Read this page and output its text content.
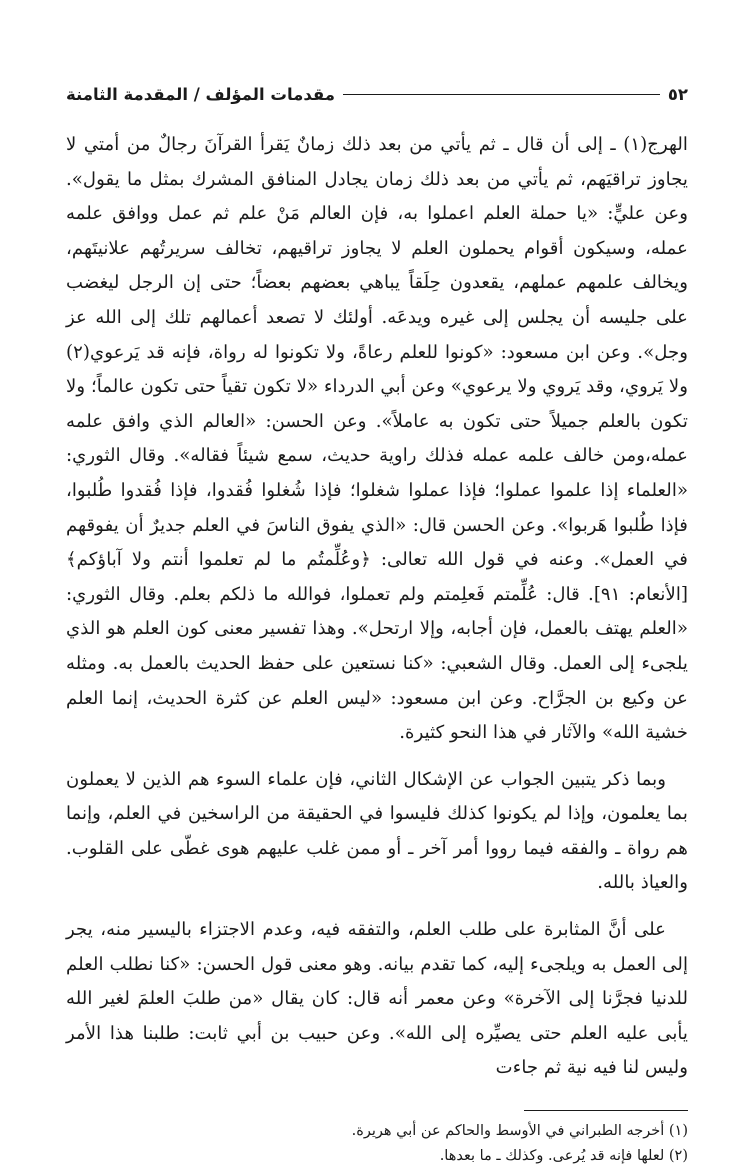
٥٢
مقدمات المؤلف / المقدمة الثامنة

الهرج(١) ـ إلى أن قال ـ ثم يأتي من بعد ذلك زمانٌ يَقرأ القرآنَ رجالٌ من أمتي لا يجاوز تراقيَهم، ثم يأتي من بعد ذلك زمان يجادل المنافق المشرك بمثل ما يقول». وعن عليٍّ: «يا حملة العلم اعملوا به، فإن العالم مَنْ علم ثم عمل ووافق علمه عمله، وسيكون أقوام يحملون العلم لا يجاوز تراقيهم، تخالف سريرتُهم علانيتَهم، ويخالف علمهم عملهم، يقعدون حِلَقاً يباهي بعضهم بعضاً؛ حتى إن الرجل ليغضب على جليسه أن يجلس إلى غيره ويدعَه. أولئك لا تصعد أعمالهم تلك إلى الله عز وجل». وعن ابن مسعود: «كونوا للعلم رعاةً، ولا تكونوا له رواة، فإنه قد يَرعوي(٢) ولا يَروي، وقد يَروي ولا يرعوي» وعن أبي الدرداء «لا تكون تقياً حتى تكون عالماً؛ ولا تكون بالعلم جميلاً حتى تكون به عاملاً». وعن الحسن: «العالم الذي وافق علمه عمله،ومن خالف علمه عمله فذلك راوية حديث، سمع شيئاً فقاله». وقال الثوري: «العلماء إذا علموا عملوا؛ فإذا عملوا شغلوا؛ فإذا شُغلوا فُقدوا، فإذا فُقدوا طُلبوا، فإذا طُلبوا هَربوا». وعن الحسن قال: «الذي يفوق الناسَ في العلم جديرٌ أن يفوقهم في العمل». وعنه في قول الله تعالى: ﴿وعُلِّمتُم ما لم تعلموا أنتم ولا آباؤكم﴾ [الأنعام: ٩١]. قال: عُلِّمتم فَعلِمتم ولم تعملوا، فوالله ما ذلكم بعلم. وقال الثوري: «العلم يهتف بالعمل، فإن أجابه، وإلا ارتحل». وهذا تفسير معنى كون العلم هو الذي يلجىء إلى العمل. وقال الشعبي: «كنا نستعين على حفظ الحديث بالعمل به. ومثله عن وكيع بن الجرَّاح. وعن ابن مسعود: «ليس العلم عن كثرة الحديث، إنما العلم خشية الله» والآثار في هذا النحو كثيرة.

وبما ذكر يتبين الجواب عن الإشكال الثاني، فإن علماء السوء هم الذين لا يعملون بما يعلمون، وإذا لم يكونوا كذلك فليسوا في الحقيقة من الراسخين في العلم، وإنما هم رواة ـ والفقه فيما رووا أمر آخر ـ أو ممن غلب عليهم هوى غطّى على القلوب. والعياذ بالله.

على أنَّ المثابرة على طلب العلم، والتفقه فيه، وعدم الاجتزاء باليسير منه، يجر إلى العمل به ويلجىء إليه، كما تقدم بيانه. وهو معنى قول الحسن: «كنا نطلب العلم للدنيا فجرَّنا إلى الآخرة» وعن معمر أنه قال: كان يقال «من طلبَ العلمَ لغير الله يأبى عليه العلم حتى يصيِّره إلى الله». وعن حبيب بن أبي ثابت: طلبنا هذا الأمر وليس لنا فيه نية ثم جاءت

(١) أخرجه الطبراني في الأوسط والحاكم عن أبي هريرة.

(٢) لعلها فإنه قد يُرعى. وكذلك ـ ما بعدها.
